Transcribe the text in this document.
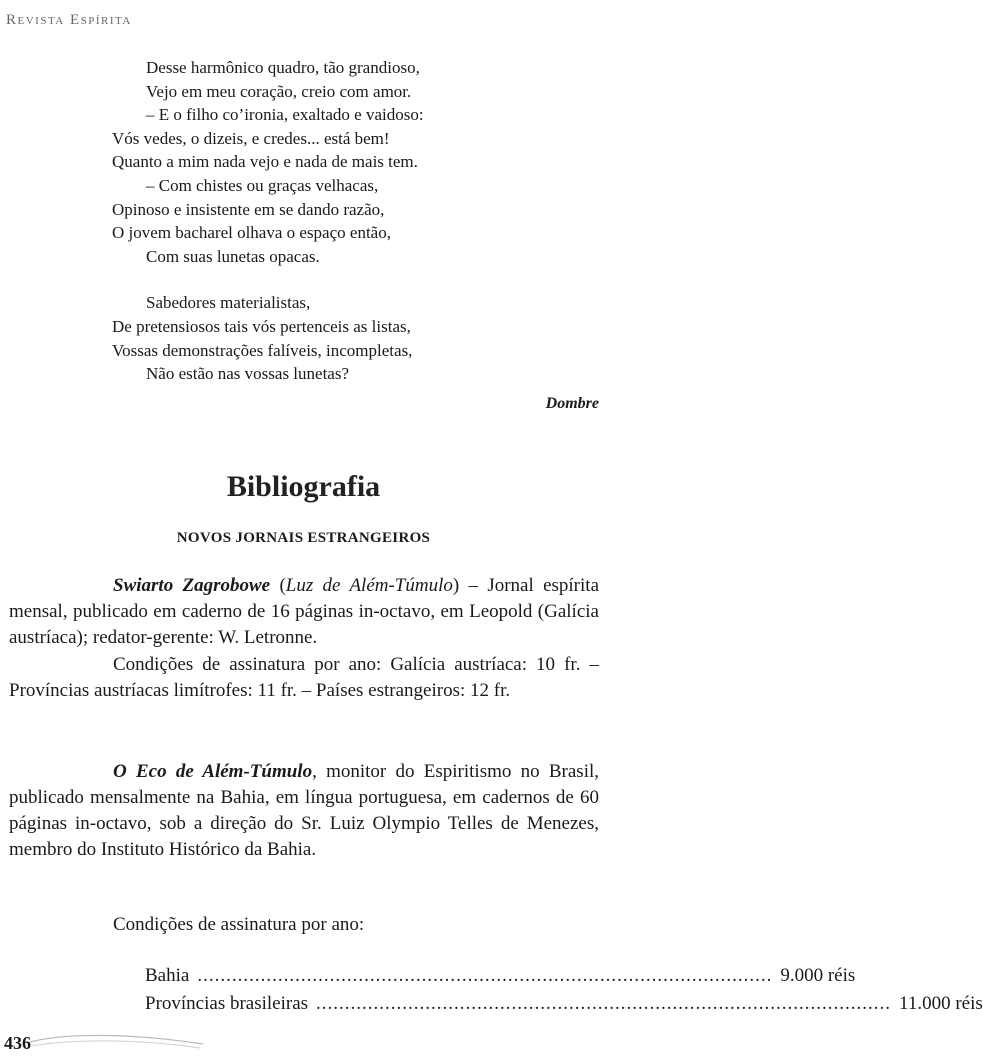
Revista Espírita
Desse harmônico quadro, tão grandioso,
Vejo em meu coração, creio com amor.
– E o filho co’ironia, exaltado e vaidoso:
Vós vedes, o dizeis, e credes... está bem!
Quanto a mim nada vejo e nada de mais tem.
– Com chistes ou graças velhacas,
Opinoso e insistente em se dando razão,
O jovem bacharel olhava o espaço então,
Com suas lunetas opacas.
Sabedores materialistas,
De pretensiosos tais vós pertenceis as listas,
Vossas demonstrações falíveis, incompletas,
Não estão nas vossas lunetas?
Dombre
Bibliografia
NOVOS JORNAIS ESTRANGEIROS
Swiarto Zagrobowe (Luz de Além-Túmulo) – Jornal espírita mensal, publicado em caderno de 16 páginas in-octavo, em Leopold (Galícia austríaca); redator-gerente: W. Letronne.
Condições de assinatura por ano: Galícia austríaca: 10 fr. – Províncias austríacas limítrofes: 11 fr. – Países estrangeiros: 12 fr.
O Eco de Além-Túmulo, monitor do Espiritismo no Brasil, publicado mensalmente na Bahia, em língua portuguesa, em cadernos de 60 páginas in-octavo, sob a direção do Sr. Luiz Olympio Telles de Menezes, membro do Instituto Histórico da Bahia.
Condições de assinatura por ano:
Bahia .................................................................................................... 9.000 réis
Províncias brasileiras .................................................................................................... 11.000 réis
436
